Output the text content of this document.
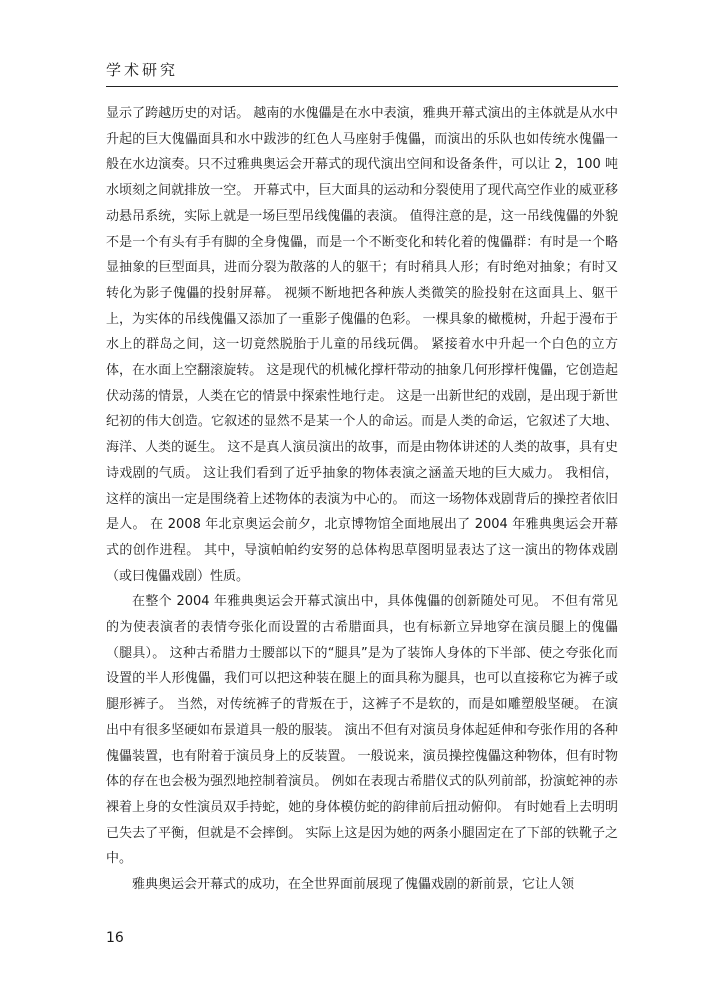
学术研究

显示了跨越历史的对话。 越南的水傀儡是在水中表演，雅典开幕式演出的主体就是从水中升起的巨大傀儡面具和水中跋涉的红色人马座射手傀儡，而演出的乐队也如传统水傀儡一般在水边演奏。只不过雅典奥运会开幕式的现代演出空间和设备条件，可以让 2，100 吨水顷刻之间就排放一空。 开幕式中，巨大面具的运动和分裂使用了现代高空作业的威亚移动悬吊系统，实际上就是一场巨型吊线傀儡的表演。 值得注意的是，这一吊线傀儡的外貌不是一个有头有手有脚的全身傀儡，而是一个不断变化和转化着的傀儡群：有时是一个略显抽象的巨型面具，进而分裂为散落的人的躯干；有时稍具人形；有时绝对抽象；有时又转化为影子傀儡的投射屏幕。 视频不断地把各种族人类微笑的脸投射在这面具上、躯干上，为实体的吊线傀儡又添加了一重影子傀儡的色彩。 一棵具象的橄榄树，升起于漫布于水上的群岛之间，这一切竟然脱胎于儿童的吊线玩偶。 紧接着水中升起一个白色的立方体，在水面上空翻滚旋转。 这是现代的机械化撑杆带动的抽象几何形撑杆傀儡，它创造起伏动荡的情景，人类在它的情景中探索性地行走。 这是一出新世纪的戏剧，是出现于新世纪初的伟大创造。它叙述的显然不是某一个人的命运。而是人类的命运，它叙述了大地、海洋、人类的诞生。 这不是真人演员演出的故事，而是由物体讲述的人类的故事，具有史诗戏剧的气质。 这让我们看到了近乎抽象的物体表演之涵盖天地的巨大威力。 我相信，这样的演出一定是围绕着上述物体的表演为中心的。 而这一场物体戏剧背后的操控者依旧是人。 在 2008 年北京奥运会前夕，北京博物馆全面地展出了 2004 年雅典奥运会开幕式的创作进程。 其中，导演帕帕约安努的总体构思草图明显表达了这一演出的物体戏剧（或曰傀儡戏剧）性质。

在整个 2004 年雅典奥运会开幕式演出中，具体傀儡的创新随处可见。 不但有常见的为使表演者的表情夸张化而设置的古希腊面具，也有标新立异地穿在演员腿上的傀儡（腿具）。 这种古希腊力士腰部以下的“腿具”是为了装饰人身体的下半部、使之夸张化而设置的半人形傀儡，我们可以把这种装在腿上的面具称为腿具，也可以直接称它为裤子或腿形裤子。 当然，对传统裤子的背叛在于，这裤子不是软的，而是如雕塑般坚硬。 在演出中有很多坚硬如布景道具一般的服装。 演出不但有对演员身体起延伸和夸张作用的各种傀儡装置，也有附着于演员身上的反装置。 一般说来，演员操控傀儡这种物体，但有时物体的存在也会极为强烈地控制着演员。 例如在表现古希腊仪式的队列前部，扮演蛇神的赤裸着上身的女性演员双手持蛇，她的身体模仿蛇的韵律前后扭动俯仰。 有时她看上去明明已失去了平衡，但就是不会摔倒。 实际上这是因为她的两条小腿固定在了下部的铁靴子之中。

雅典奥运会开幕式的成功，在全世界面前展现了傀儡戏剧的新前景，它让人领

16
